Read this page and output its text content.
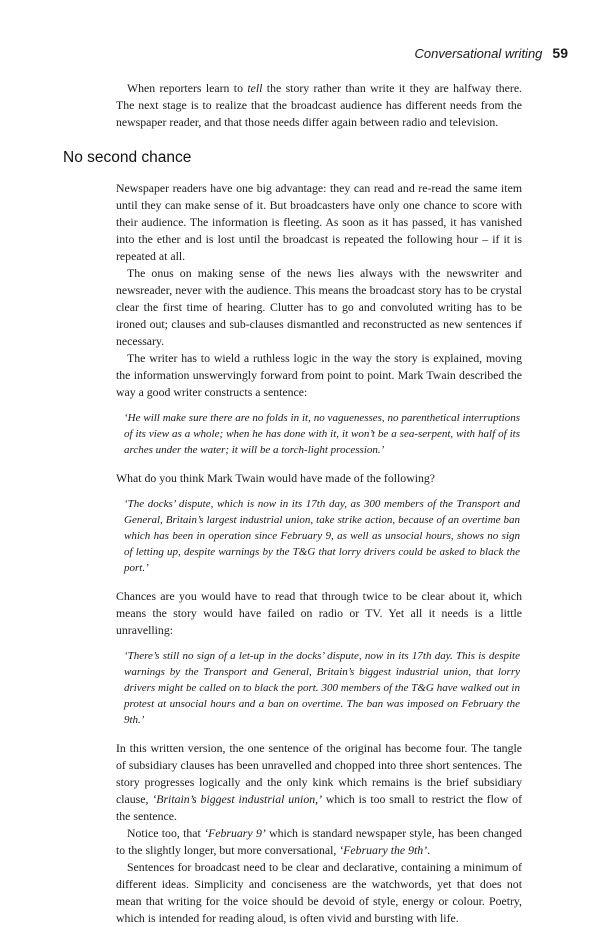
Conversational writing 59

When reporters learn to tell the story rather than write it they are halfway there. The next stage is to realize that the broadcast audience has different needs from the newspaper reader, and that those needs differ again between radio and television.

No second chance

Newspaper readers have one big advantage: they can read and re-read the same item until they can make sense of it. But broadcasters have only one chance to score with their audience. The information is fleeting. As soon as it has passed, it has vanished into the ether and is lost until the broadcast is repeated the following hour – if it is repeated at all.

The onus on making sense of the news lies always with the newswriter and newsreader, never with the audience. This means the broadcast story has to be crystal clear the first time of hearing. Clutter has to go and convoluted writing has to be ironed out; clauses and sub-clauses dismantled and reconstructed as new sentences if necessary.

The writer has to wield a ruthless logic in the way the story is explained, moving the information unswervingly forward from point to point. Mark Twain described the way a good writer constructs a sentence:

‘He will make sure there are no folds in it, no vaguenesses, no parenthetical interruptions of its view as a whole; when he has done with it, it won’t be a sea-serpent, with half of its arches under the water; it will be a torch-light procession.’

What do you think Mark Twain would have made of the following?

‘The docks’ dispute, which is now in its 17th day, as 300 members of the Transport and General, Britain’s largest industrial union, take strike action, because of an overtime ban which has been in operation since February 9, as well as unsocial hours, shows no sign of letting up, despite warnings by the T&G that lorry drivers could be asked to black the port.’

Chances are you would have to read that through twice to be clear about it, which means the story would have failed on radio or TV. Yet all it needs is a little unravelling:

‘There’s still no sign of a let-up in the docks’ dispute, now in its 17th day. This is despite warnings by the Transport and General, Britain’s biggest industrial union, that lorry drivers might be called on to black the port. 300 members of the T&G have walked out in protest at unsocial hours and a ban on overtime. The ban was imposed on February the 9th.’

In this written version, the one sentence of the original has become four. The tangle of subsidiary clauses has been unravelled and chopped into three short sentences. The story progresses logically and the only kink which remains is the brief subsidiary clause, ‘Britain’s biggest industrial union,’ which is too small to restrict the flow of the sentence.

Notice too, that ‘February 9’ which is standard newspaper style, has been changed to the slightly longer, but more conversational, ‘February the 9th’.

Sentences for broadcast need to be clear and declarative, containing a minimum of different ideas. Simplicity and conciseness are the watchwords, yet that does not mean that writing for the voice should be devoid of style, energy or colour. Poetry, which is intended for reading aloud, is often vivid and bursting with life.
